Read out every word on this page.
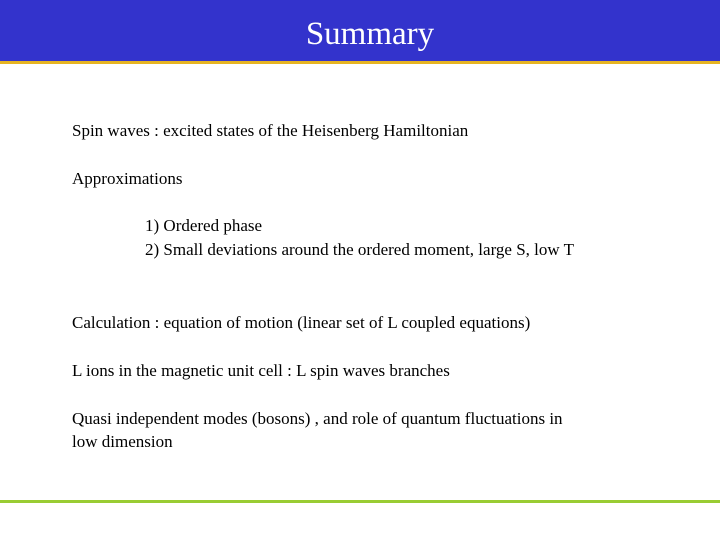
Summary
Spin waves : excited states of the Heisenberg Hamiltonian
Approximations
1) Ordered phase
2) Small deviations around the ordered moment, large S, low T
Calculation : equation of motion (linear set of L coupled equations)
L ions in the magnetic unit cell : L spin waves branches
Quasi independent modes (bosons) , and role of quantum fluctuations in
low dimension
